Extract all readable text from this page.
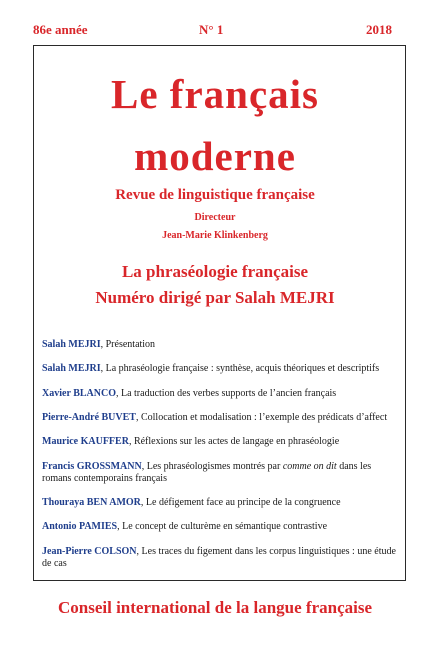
86e année	N° 1	2018
Le français
moderne
Revue de linguistique française
Directeur
Jean-Marie Klinkenberg
La phraséologie française
Numéro dirigé par Salah MEJRI
Salah MEJRI, Présentation
Salah MEJRI, La phraséologie française : synthèse, acquis théoriques et descriptifs
Xavier BLANCO, La traduction des verbes supports de l’ancien français
Pierre-André BUVET, Collocation et modalisation : l’exemple des prédicats d’affect
Maurice KAUFFER, Réflexions sur les actes de langage en phraséologie
Francis GROSSMANN, Les phraséologismes montrés par comme on dit dans les romans contemporains français
Thouraya BEN AMOR, Le défigement face au principe de la congruence
Antonio PAMIES, Le concept de culturème en sémantique contrastive
Jean-Pierre COLSON, Les traces du figement dans les corpus linguistiques : une étude de cas
Conseil international de la langue française
